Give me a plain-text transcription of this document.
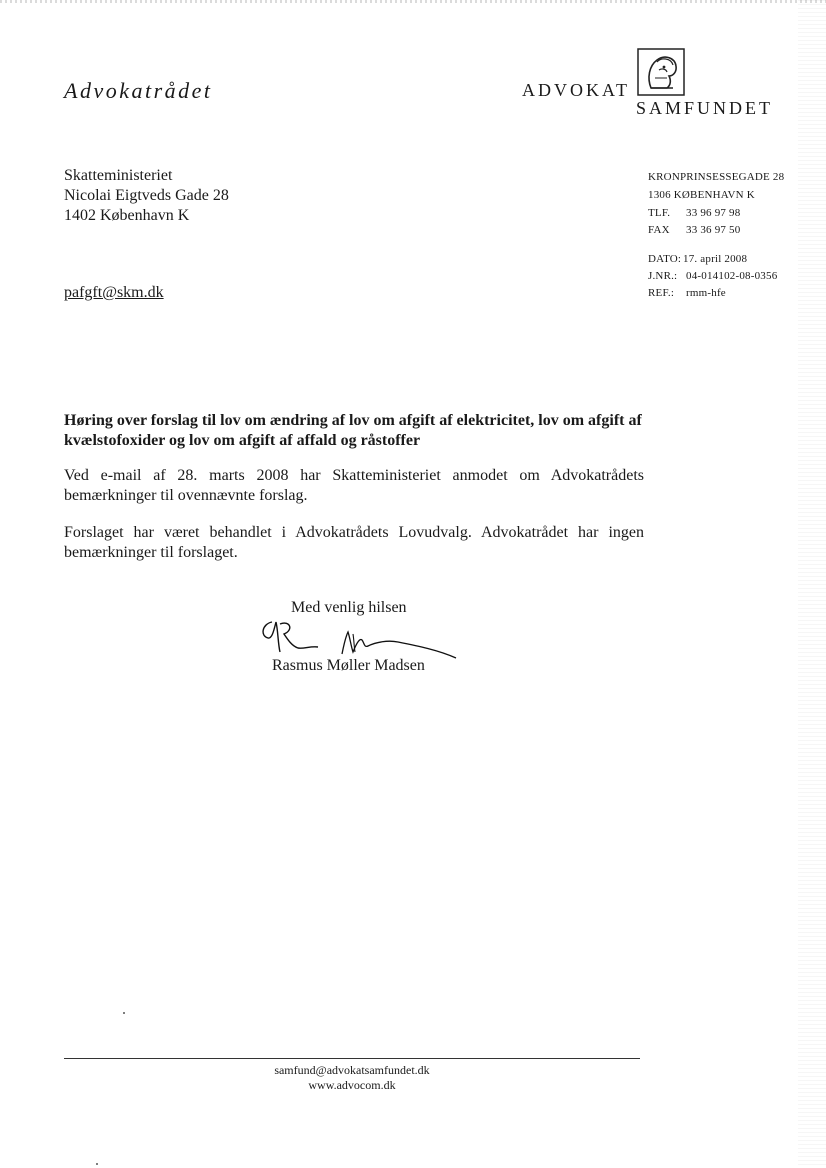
Advokatrådet	ADVOKAT
SAMFUNDET
Skatteministeriet
Nicolai Eigtveds Gade 28
1402 København K
pafgft@skm.dk
KRONPRINSESSEGADE 28
1306 KØBENHAVN K
TLF. 33 96 97 98
FAX 33 36 97 50
DATO: 17. april 2008
J.NR.: 04-014102-08-0356
REF.: rmm-hfe
Høring over forslag til lov om ændring af lov om afgift af elektricitet, lov om afgift af kvælstofoxider og lov om afgift af affald og råstoffer
Ved e-mail af 28. marts 2008 har Skatteministeriet anmodet om Advokatrådets bemærkninger til ovennævnte forslag.
Forslaget har været behandlet i Advokatrådets Lovudvalg. Advokatrådet har ingen bemærkninger til forslaget.
Med venlig hilsen
Rasmus Møller Madsen
samfund@advokatsamfundet.dk
www.advocom.dk
